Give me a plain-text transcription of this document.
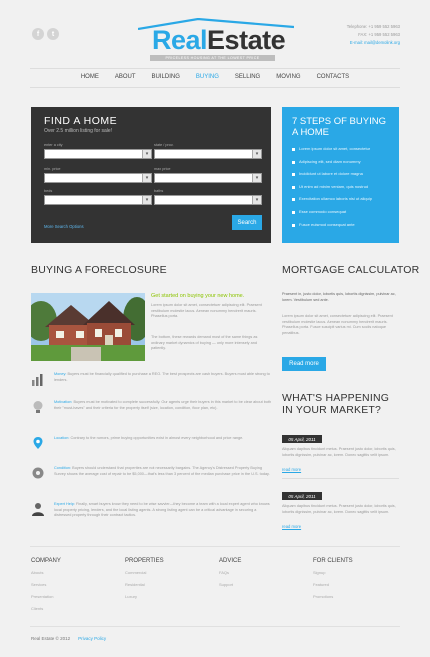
f	t	RealEstate
PRICELESS HOUSING AT THE LOWEST PRICE
Telephone: +1 959 552 5963
FAX: +1 959 552 5963
E-mail: mail@demolink.org
HOME	ABOUT	BUILDING	BUYING	SELLING	MOVING	CONTACTS
FIND A HOME
Over 2.5 million listing for sale!
enter a city
▾
state / prov.
▾
min. price
▾
max price
▾
beds
▾
baths
▾
More Search Options
Search
7 STEPS OF BUYING A HOME
Lorem ipsum dolor sit amet, consectetur
Adipiscing elit, sed diam nonummy
Incididunt ut labore et dolore magna
Ut enim ad minim veniam, quis nostrud
Exercitation ullamco laboris nisi ut aliquip
Esse commodo consequat
Fusce euismod consequat ante
BUYING A FORECLOSURE
Get started on buying your new home.
Lorem ipsum dolor sit amet, consectetuer adipiscing elit. Praesent vestibulum molestie lacus. Aenean nonummy hendrerit mauris. Phasellus porta.
The bottom, these rewards demand most of the same things as ordinary market dynamics of buying — only more intensely and patiently.
Money: Buyers must be financially qualified to purchase a REO. The best prospects are cash buyers. Buyers must able strong to lenders.
Motivation: Buyers must be motivated to complete successfully. Our agents urge their buyers in this market to be clear about both their "must-haves" and their criteria for the property itself (size, location, condition, floor plan, etc).
Location: Contrary to the rumors, prime buying opportunities exist in almost every neighborhood and price range.
Condition: Buyers should understand that properties are not necessarily bargains. The Agency's Distressed Property Buying Survey shows the average cost of repair to be $5,000—that's less than 3 percent of the median purchase price in the U.S. today.
Expert Help: Finally, smart buyers know they need to be wise savvier—they become a team with a local expert agent who knows local property pricing, lenders, and the local listing agents. A strong listing agent can be a critical advantage in securing a distressed property through their contract tactics.
MORTGAGE CALCULATOR
Praesent in, justo dolor, lobortis quis, lobortis dignissim, pulvinar ac, lorem. Vestibulum sed ante.
Lorem ipsum dolor sit amet, consectetuer adipiscing elit. Praesent vestibulum molestie lacus. Aenean nonummy hendrerit mauris. Phasellus porta. Fusce suscipit varius mi. Cum sociis natoque penatibus.
Read more
WHAT'S HAPPENING IN YOUR MARKET?
05 April, 2011
Aliquam dapibus tincidunt metus. Praesent justo dolor, lobortis quis, lobortis dignissim, pulvinar ac, lorem. Donec sagittis velit ipsum.
read more
05 April, 2011
Aliquam dapibus tincidunt metus. Praesent justo dolor, lobortis quis, lobortis dignissim, pulvinar ac, lorem. Donec sagittis velit ipsum.
read more
COMPANY
Abouts
Services
Presentation
Clients
PROPERTIES
Commercial
Residential
Luxury
ADVICE
FAQs
Support
FOR CLIENTS
Signup
Featured
Promotions
Real Estate © 2012 Privacy Policy
